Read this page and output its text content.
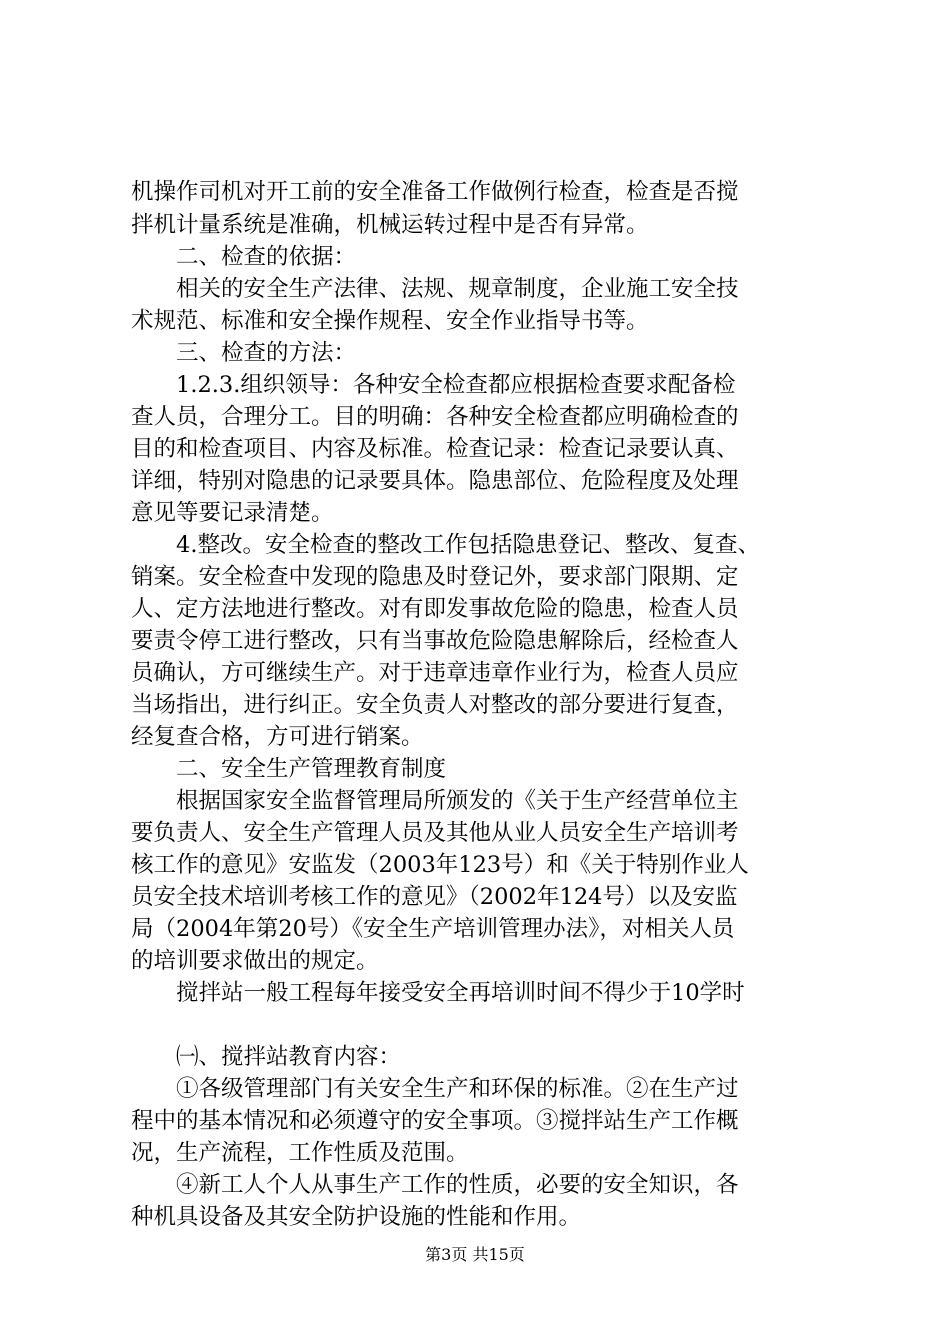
机操作司机对开工前的安全准备工作做例行检查，检查是否搅
拌机计量系统是准确，机械运转过程中是否有异常。
二、检查的依据：
相关的安全生产法律、法规、规章制度，企业施工安全技
术规范、标准和安全操作规程、安全作业指导书等。
三、检查的方法：
1.2.3.组织领导：各种安全检查都应根据检查要求配备检
查人员，合理分工。目的明确：各种安全检查都应明确检查的
目的和检查项目、内容及标准。检查记录：检查记录要认真、
详细，特别对隐患的记录要具体。隐患部位、危险程度及处理
意见等要记录清楚。
4.整改。安全检查的整改工作包括隐患登记、整改、复查、
销案。安全检查中发现的隐患及时登记外，要求部门限期、定
人、定方法地进行整改。对有即发事故危险的隐患，检查人员
要责令停工进行整改，只有当事故危险隐患解除后，经检查人
员确认，方可继续生产。对于违章违章作业行为，检查人员应
当场指出，进行纠正。安全负责人对整改的部分要进行复查，
经复查合格，方可进行销案。
二、安全生产管理教育制度
根据国家安全监督管理局所颁发的《关于生产经营单位主
要负责人、安全生产管理人员及其他从业人员安全生产培训考
核工作的意见》安监发（2003年123号）和《关于特别作业人
员安全技术培训考核工作的意见》（2002年124号）以及安监
局（2004年第20号）《安全生产培训管理办法》，对相关人员
的培训要求做出的规定。
搅拌站一般工程每年接受安全再培训时间不得少于10学时
㈠、搅拌站教育内容：
①各级管理部门有关安全生产和环保的标准。②在生产过
程中的基本情况和必须遵守的安全事项。③搅拌站生产工作概
况，生产流程，工作性质及范围。
④新工人个人从事生产工作的性质，必要的安全知识，各
种机具设备及其安全防护设施的性能和作用。
第3页 共15页
